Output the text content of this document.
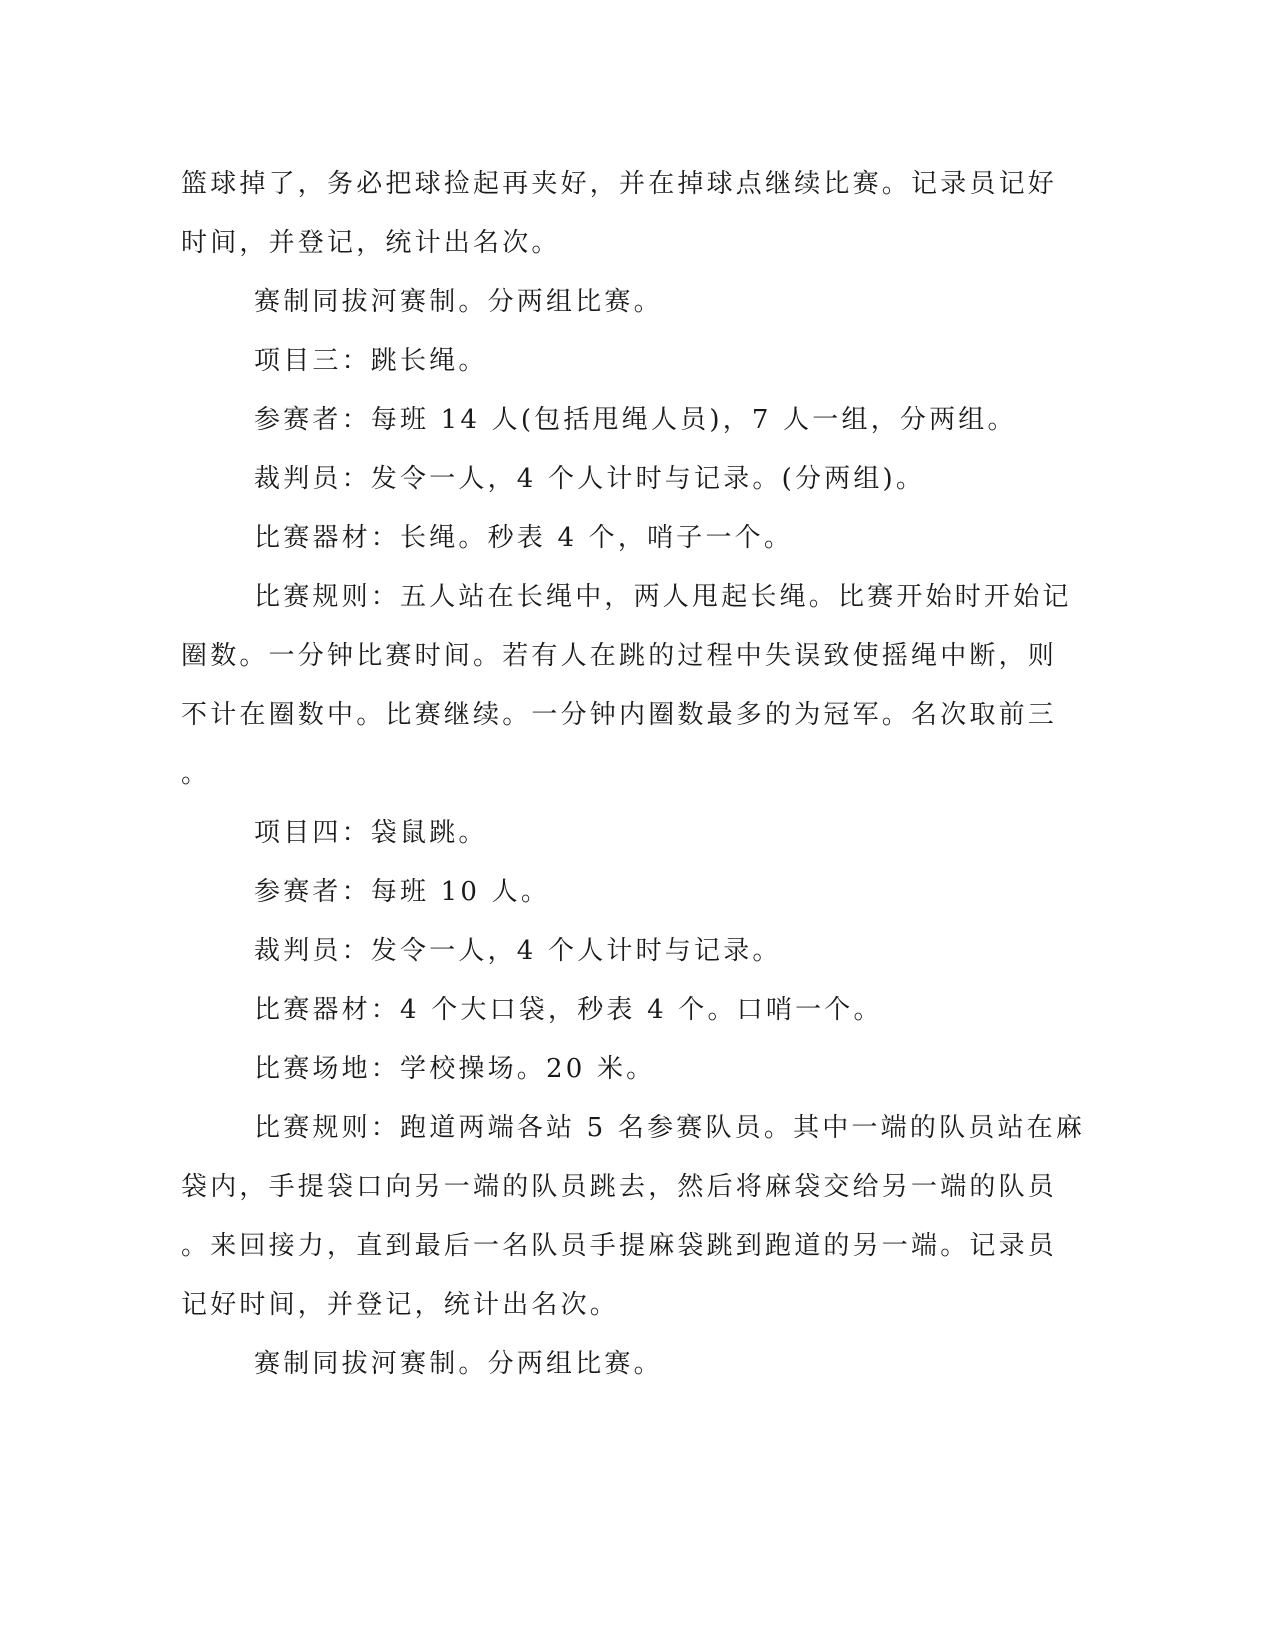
篮球掉了，务必把球捡起再夹好，并在掉球点继续比赛。记录员记好
时间，并登记，统计出名次。
赛制同拔河赛制。分两组比赛。
项目三：跳长绳。
参赛者：每班 14 人(包括甩绳人员)，7 人一组，分两组。
裁判员：发令一人，4 个人计时与记录。(分两组)。
比赛器材：长绳。秒表 4 个，哨子一个。
比赛规则：五人站在长绳中，两人甩起长绳。比赛开始时开始记
圈数。一分钟比赛时间。若有人在跳的过程中失误致使摇绳中断，则
不计在圈数中。比赛继续。一分钟内圈数最多的为冠军。名次取前三
。
项目四：袋鼠跳。
参赛者：每班 10 人。
裁判员：发令一人，4 个人计时与记录。
比赛器材：4 个大口袋，秒表 4 个。口哨一个。
比赛场地：学校操场。20 米。
比赛规则：跑道两端各站 5 名参赛队员。其中一端的队员站在麻
袋内，手提袋口向另一端的队员跳去，然后将麻袋交给另一端的队员
。来回接力，直到最后一名队员手提麻袋跳到跑道的另一端。记录员
记好时间，并登记，统计出名次。
赛制同拔河赛制。分两组比赛。
